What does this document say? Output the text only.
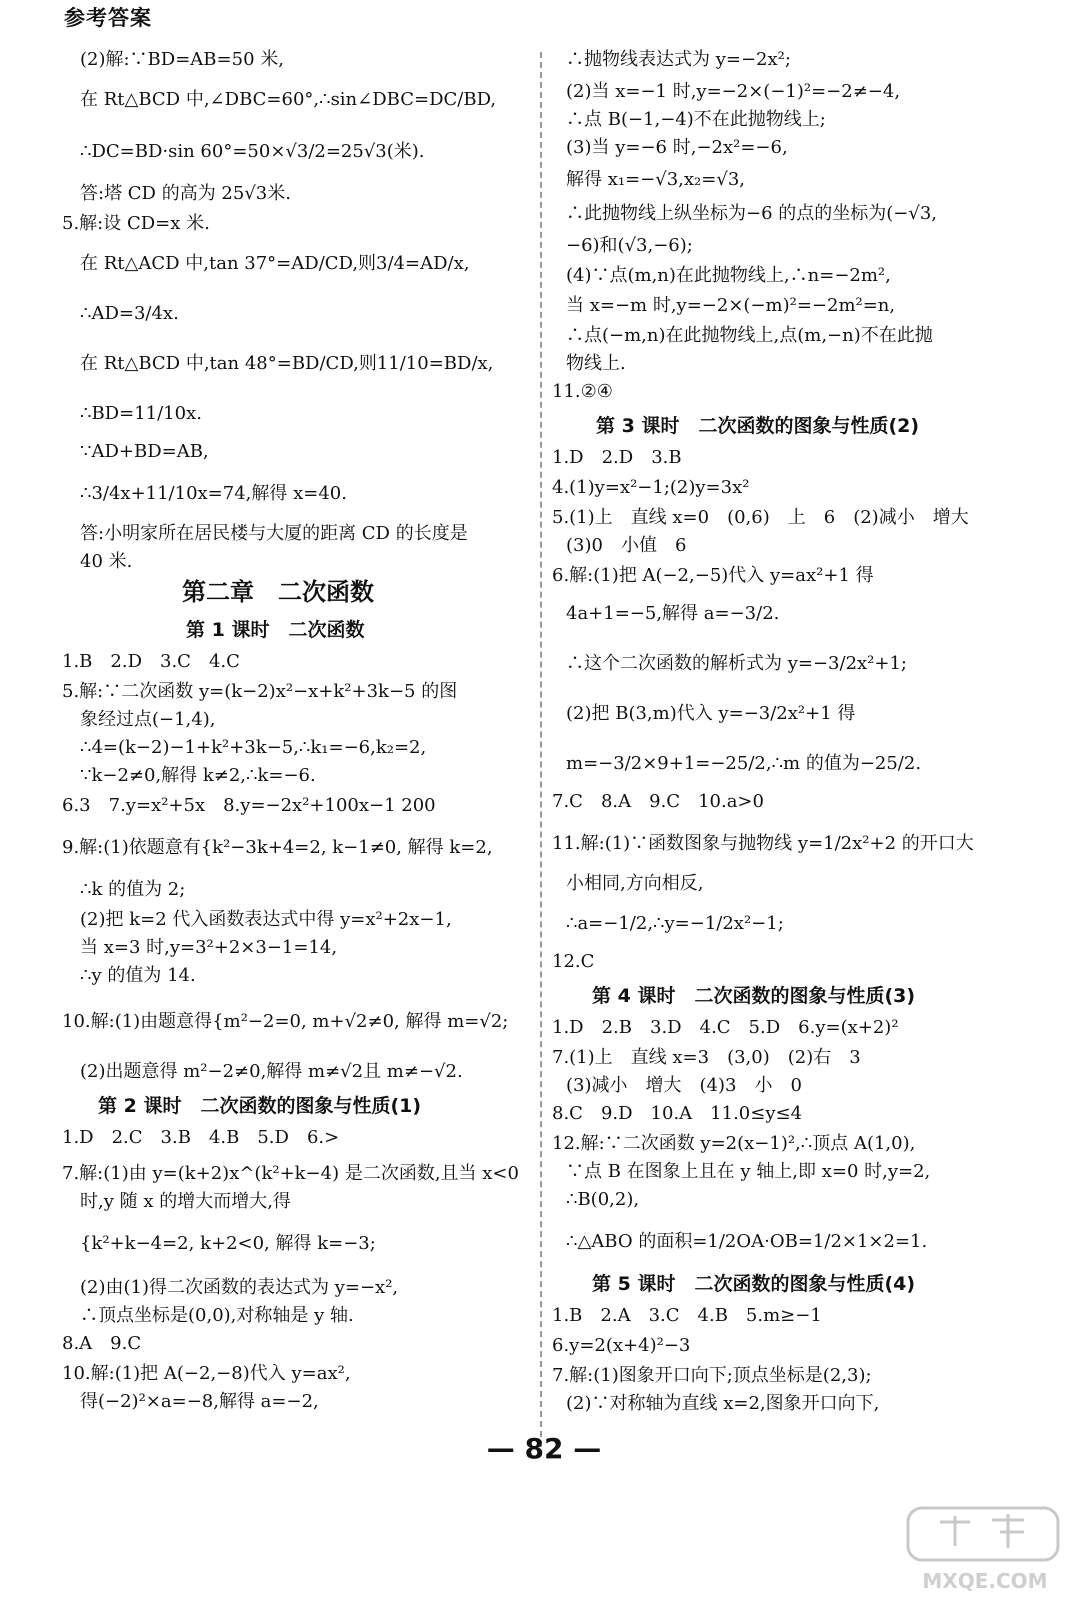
参考答案
(2)解:∵BD=AB=50 米,
在 Rt△BCD 中,∠DBC=60°,∴sin∠DBC=DC/BD,
∴DC=BD·sin 60°=50×√3/2=25√3(米).
答:塔 CD 的高为 25√3米.
5.解:设 CD=x 米.
在 Rt△ACD 中,tan 37°=AD/CD,则3/4=AD/x,
∴AD=3/4x.
在 Rt△BCD 中,tan 48°=BD/CD,则11/10=BD/x,
∴BD=11/10x.
∵AD+BD=AB,
∴3/4x+11/10x=74,解得 x=40.
答:小明家所在居民楼与大厦的距离 CD 的长度是
40 米.
第二章　二次函数
第 1 课时　二次函数
1.B　2.D　3.C　4.C
5.解:∵二次函数 y=(k−2)x²−x+k²+3k−5 的图
象经过点(−1,4),
∴4=(k−2)−1+k²+3k−5,∴k₁=−6,k₂=2,
∵k−2≠0,解得 k≠2,∴k=−6.
6.3　7.y=x²+5x　8.y=−2x²+100x−1 200
9.解:(1)依题意有{k²−3k+4=2, k−1≠0, 解得 k=2,
∴k 的值为 2;
(2)把 k=2 代入函数表达式中得 y=x²+2x−1,
当 x=3 时,y=3²+2×3−1=14,
∴y 的值为 14.
10.解:(1)由题意得{m²−2=0, m+√2≠0, 解得 m=√2;
(2)出题意得 m²−2≠0,解得 m≠√2且 m≠−√2.
第 2 课时　二次函数的图象与性质(1)
1.D　2.C　3.B　4.B　5.D　6.>
7.解:(1)由 y=(k+2)x^(k²+k−4) 是二次函数,且当 x<0
时,y 随 x 的增大而增大,得
{k²+k−4=2, k+2<0, 解得 k=−3;
(2)由(1)得二次函数的表达式为 y=−x²,
∴顶点坐标是(0,0),对称轴是 y 轴.
8.A　9.C
10.解:(1)把 A(−2,−8)代入 y=ax²,
得(−2)²×a=−8,解得 a=−2,
∴抛物线表达式为 y=−2x²;
(2)当 x=−1 时,y=−2×(−1)²=−2≠−4,
∴点 B(−1,−4)不在此抛物线上;
(3)当 y=−6 时,−2x²=−6,
解得 x₁=−√3,x₂=√3,
∴此抛物线上纵坐标为−6 的点的坐标为(−√3,
−6)和(√3,−6);
(4)∵点(m,n)在此抛物线上,∴n=−2m²,
当 x=−m 时,y=−2×(−m)²=−2m²=n,
∴点(−m,n)在此抛物线上,点(m,−n)不在此抛
物线上.
11.②④
第 3 课时　二次函数的图象与性质(2)
1.D　2.D　3.B
4.(1)y=x²−1;(2)y=3x²
5.(1)上　直线 x=0　(0,6)　上　6　(2)减小　增大
(3)0　小值　6
6.解:(1)把 A(−2,−5)代入 y=ax²+1 得
4a+1=−5,解得 a=−3/2.
∴这个二次函数的解析式为 y=−3/2x²+1;
(2)把 B(3,m)代入 y=−3/2x²+1 得
m=−3/2×9+1=−25/2,∴m 的值为−25/2.
7.C　8.A　9.C　10.a>0
11.解:(1)∵函数图象与抛物线 y=1/2x²+2 的开口大
小相同,方向相反,
∴a=−1/2,∴y=−1/2x²−1;
12.C
第 4 课时　二次函数的图象与性质(3)
1.D　2.B　3.D　4.C　5.D　6.y=(x+2)²
7.(1)上　直线 x=3　(3,0)　(2)右　3
(3)减小　增大　(4)3　小　0
8.C　9.D　10.A　11.0≤y≤4
12.解:∵二次函数 y=2(x−1)²,∴顶点 A(1,0),
∵点 B 在图象上且在 y 轴上,即 x=0 时,y=2,
∴B(0,2),
∴△ABO 的面积=1/2OA·OB=1/2×1×2=1.
第 5 课时　二次函数的图象与性质(4)
1.B　2.A　3.C　4.B　5.m≥−1
6.y=2(x+4)²−3
7.解:(1)图象开口向下;顶点坐标是(2,3);
(2)∵对称轴为直线 x=2,图象开口向下,
— 82 —
MXQE.COM
